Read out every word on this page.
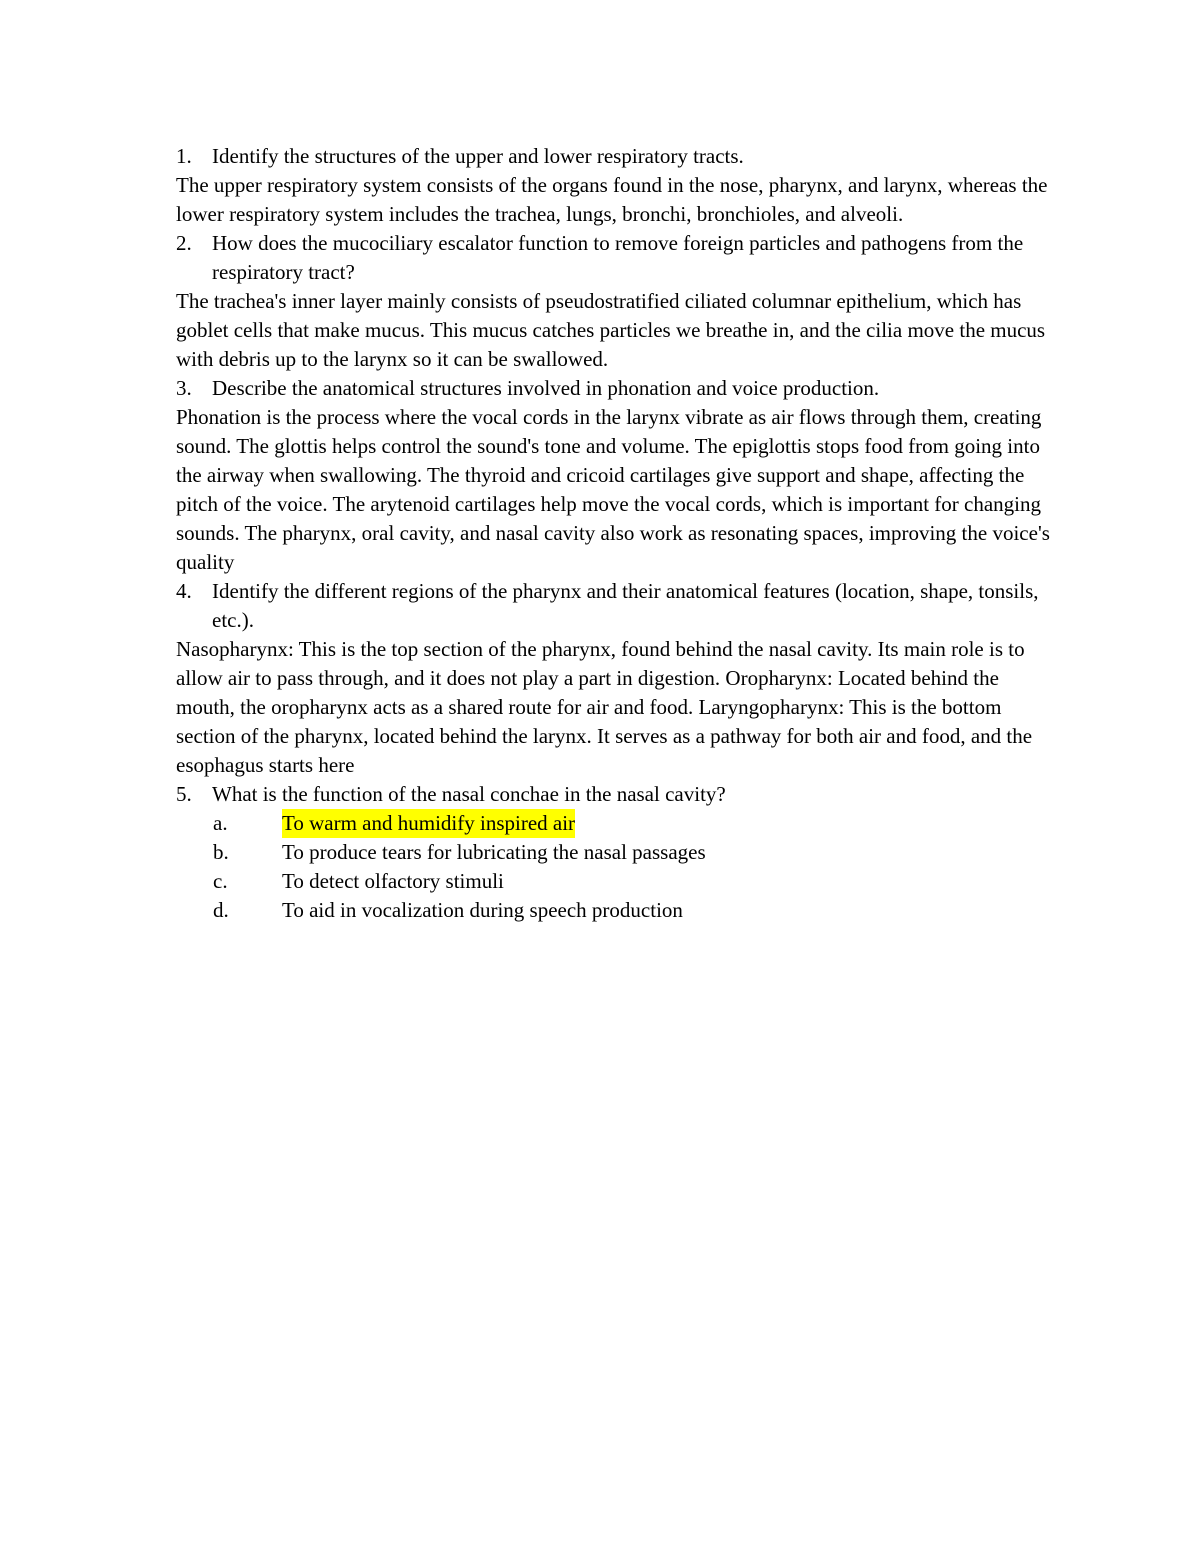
1. Identify the structures of the upper and lower respiratory tracts.

The upper respiratory system consists of the organs found in the nose, pharynx, and larynx, whereas the lower respiratory system includes the trachea, lungs, bronchi, bronchioles, and alveoli.

2. How does the mucociliary escalator function to remove foreign particles and pathogens from the respiratory tract?

The trachea's inner layer mainly consists of pseudostratified ciliated columnar epithelium, which has goblet cells that make mucus. This mucus catches particles we breathe in, and the cilia move the mucus with debris up to the larynx so it can be swallowed.

3. Describe the anatomical structures involved in phonation and voice production.

Phonation is the process where the vocal cords in the larynx vibrate as air flows through them, creating sound. The glottis helps control the sound's tone and volume. The epiglottis stops food from going into the airway when swallowing. The thyroid and cricoid cartilages give support and shape, affecting the pitch of the voice. The arytenoid cartilages help move the vocal cords, which is important for changing sounds. The pharynx, oral cavity, and nasal cavity also work as resonating spaces, improving the voice's quality

4. Identify the different regions of the pharynx and their anatomical features (location, shape, tonsils, etc.).

Nasopharynx: This is the top section of the pharynx, found behind the nasal cavity. Its main role is to allow air to pass through, and it does not play a part in digestion. Oropharynx: Located behind the mouth, the oropharynx acts as a shared route for air and food. Laryngopharynx: This is the bottom section of the pharynx, located behind the larynx. It serves as a pathway for both air and food, and the esophagus starts here

5. What is the function of the nasal conchae in the nasal cavity?

a.	To warm and humidify inspired air
b.	To produce tears for lubricating the nasal passages
c.	To detect olfactory stimuli
d.	To aid in vocalization during speech production
